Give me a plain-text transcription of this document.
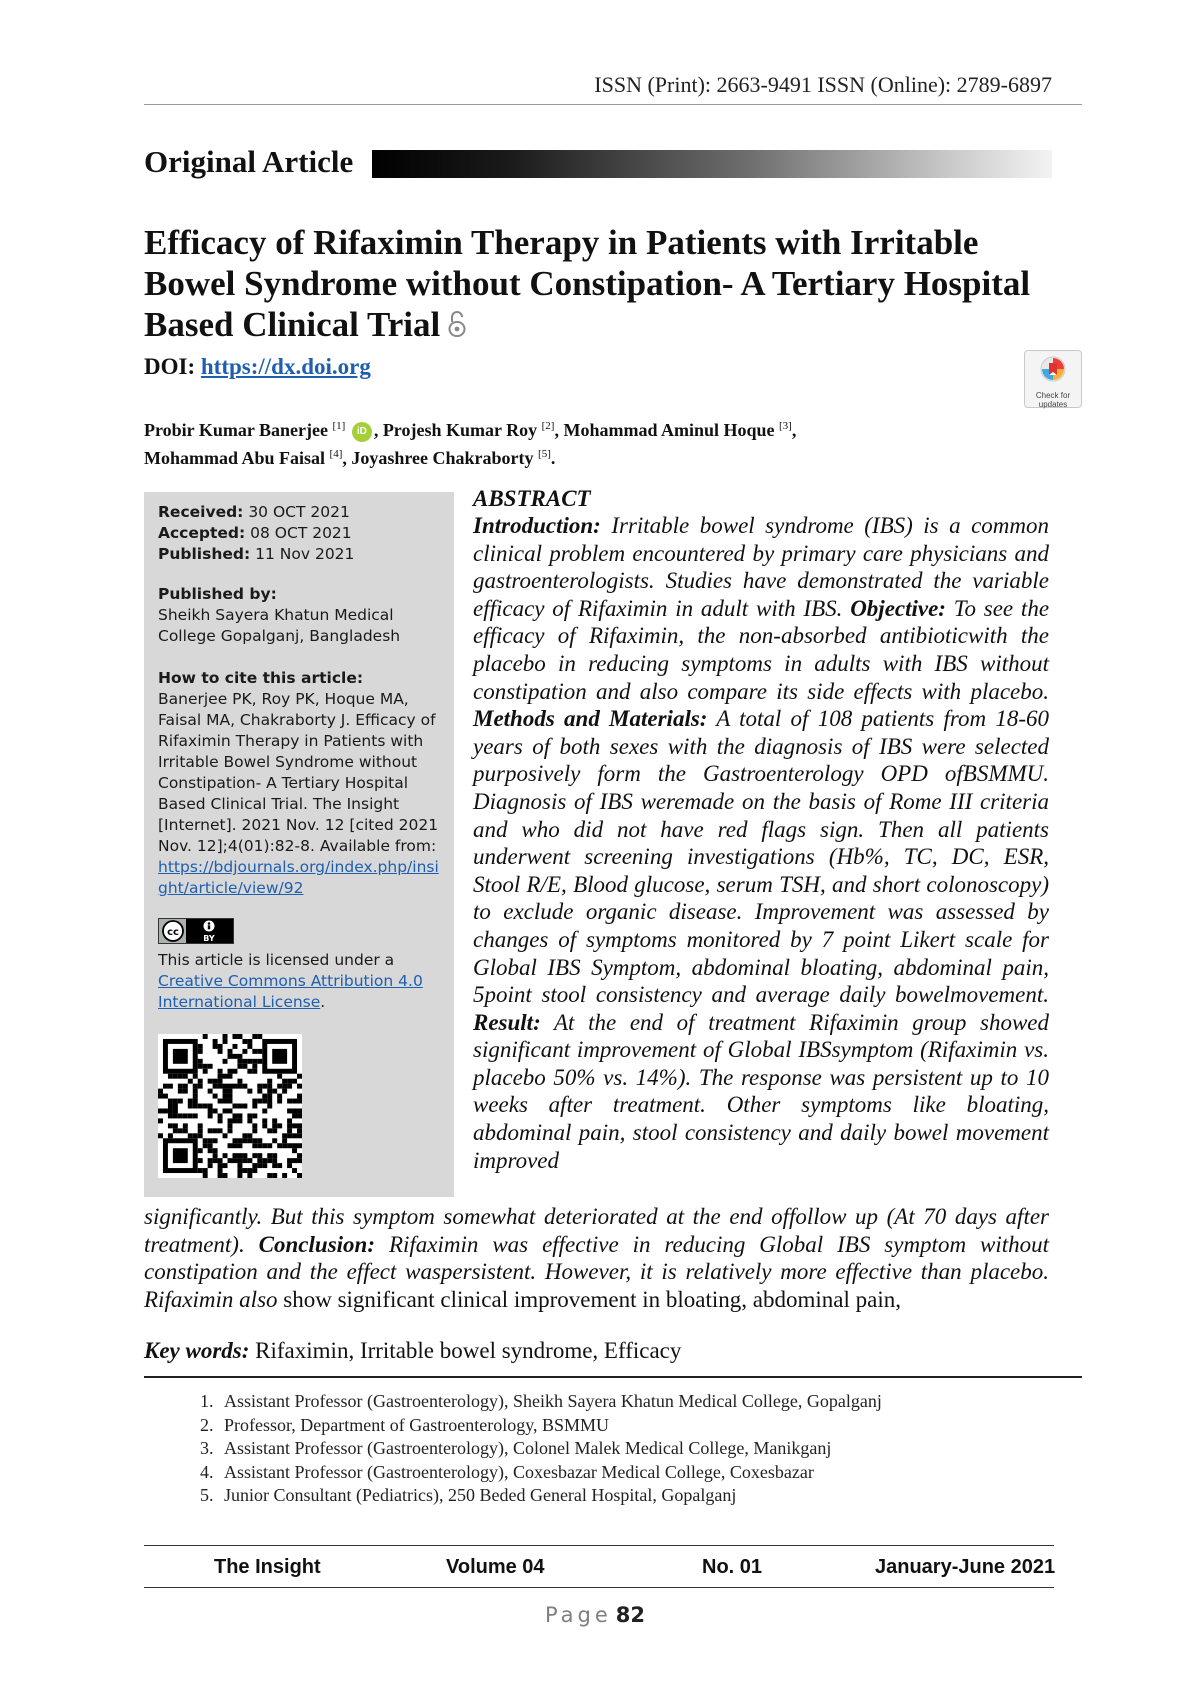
ISSN (Print): 2663-9491 ISSN (Online): 2789-6897
Original Article
Efficacy of Rifaximin Therapy in Patients with Irritable Bowel Syndrome without Constipation- A Tertiary Hospital Based Clinical Trial
DOI: https://dx.doi.org
Check for updates
Probir Kumar Banerjee [1] iD , Projesh Kumar Roy [2], Mohammad Aminul Hoque [3],
Mohammad Abu Faisal [4], Joyashree Chakraborty [5].
Received: 30 OCT 2021
Accepted: 08 OCT 2021
Published: 11 Nov 2021
Published by:
Sheikh Sayera Khatun Medical College Gopalganj, Bangladesh
How to cite this article:
Banerjee PK, Roy PK, Hoque MA, Faisal MA, Chakraborty J. Efficacy of Rifaximin Therapy in Patients with Irritable Bowel Syndrome without Constipation- A Tertiary Hospital Based Clinical Trial. The Insight [Internet]. 2021 Nov. 12 [cited 2021 Nov. 12];4(01):82-8. Available from: https://bdjournals.org/index.php/insight/article/view/92
cc
BY
This article is licensed under a
Creative Commons Attribution 4.0 International License.
ABSTRACT
Introduction: Irritable bowel syndrome (IBS) is a common clinical problem encountered by primary care physicians and gastroenterologists. Studies have demonstrated the variable efficacy of Rifaximin in adult with IBS. Objective: To see the efficacy of Rifaximin, the non-absorbed antibioticwith the placebo in reducing symptoms in adults with IBS without constipation and also compare its side effects with placebo. Methods and Materials: A total of 108 patients from 18-60 years of both sexes with the diagnosis of IBS were selected purposively form the Gastroenterology OPD ofBSMMU. Diagnosis of IBS weremade on the basis of Rome III criteria and who did not have red flags sign. Then all patients underwent screening investigations (Hb%, TC, DC, ESR, Stool R/E, Blood glucose, serum TSH, and short colonoscopy) to exclude organic disease. Improvement was assessed by changes of symptoms monitored by 7 point Likert scale for Global IBS Symptom, abdominal bloating, abdominal pain, 5point stool consistency and average daily bowelmovement. Result: At the end of treatment Rifaximin group showed significant improvement of Global IBSsymptom (Rifaximin vs. placebo 50% vs. 14%). The response was persistent up to 10 weeks after treatment. Other symptoms like bloating, abdominal pain, stool consistency and daily bowel movement improved
significantly. But this symptom somewhat deteriorated at the end offollow up (At 70 days after treatment). Conclusion: Rifaximin was effective in reducing Global IBS symptom without constipation and the effect waspersistent. However, it is relatively more effective than placebo. Rifaximin also show significant clinical improvement in bloating, abdominal pain,
Key words: Rifaximin, Irritable bowel syndrome, Efficacy
1. Assistant Professor (Gastroenterology), Sheikh Sayera Khatun Medical College, Gopalganj
2. Professor, Department of Gastroenterology, BSMMU
3. Assistant Professor (Gastroenterology), Colonel Malek Medical College, Manikganj
4. Assistant Professor (Gastroenterology), Coxesbazar Medical College, Coxesbazar
5. Junior Consultant (Pediatrics), 250 Beded General Hospital, Gopalganj
The Insight	Volume 04	No. 01	January-June 2021
Page 82
